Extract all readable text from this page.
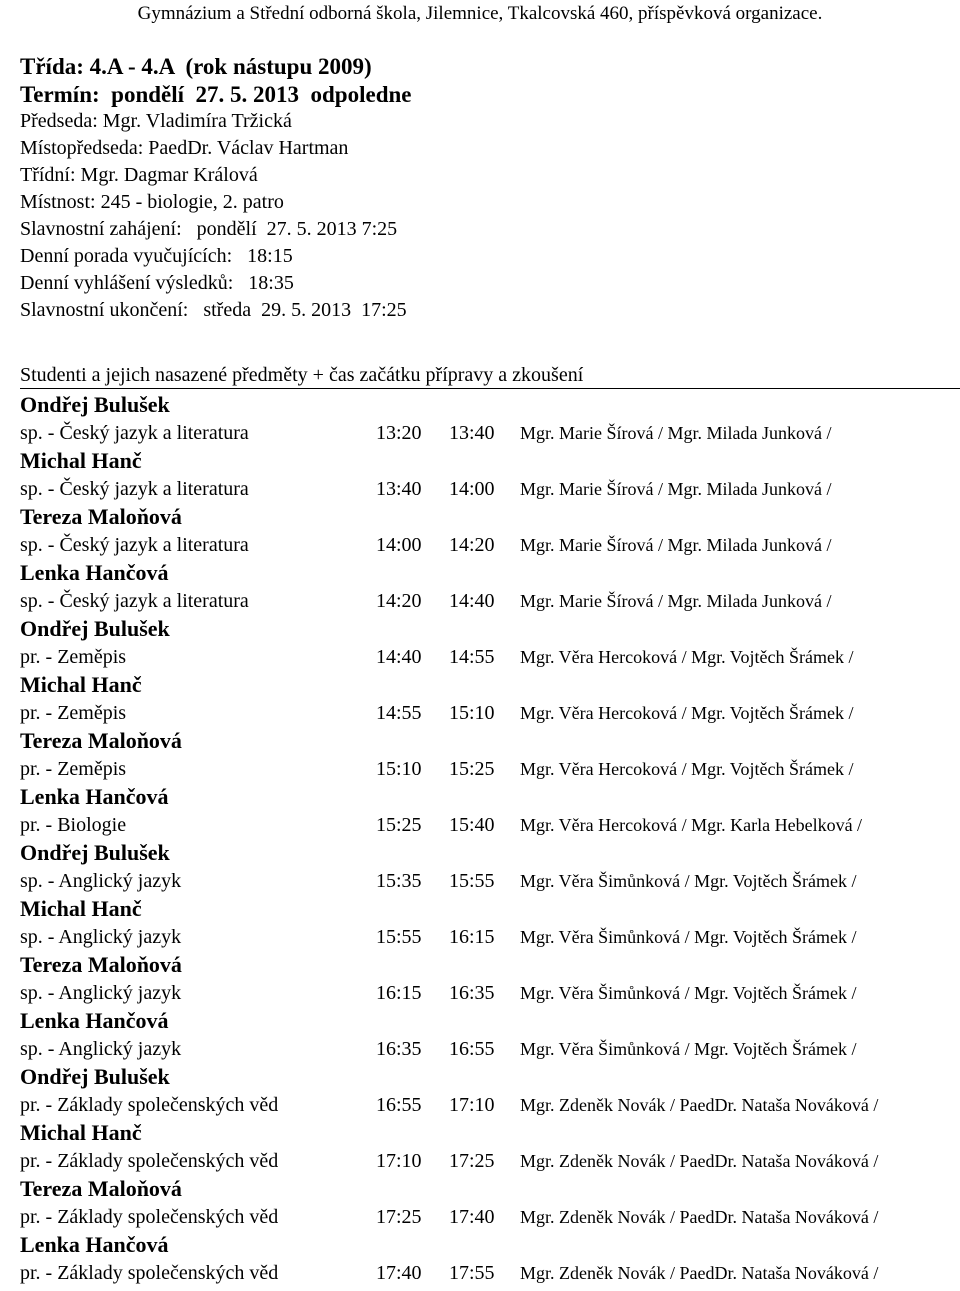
Gymnázium a Střední odborná škola, Jilemnice, Tkalcovská 460, příspěvková organizace.
Třída: 4.A - 4.A  (rok nástupu 2009)
Termín:  pondělí  27. 5. 2013  odpoledne
Předseda: Mgr. Vladimíra Tržická
Místopředseda: PaedDr. Václav Hartman
Třídní: Mgr. Dagmar Králová
Místnost: 245 - biologie, 2. patro
Slavnostní zahájení:   pondělí  27. 5. 2013 7:25
Denní porada vyučujících:   18:15
Denní vyhlášení výsledků:   18:35
Slavnostní ukončení:   středa  29. 5. 2013  17:25
Studenti a jejich nasazené předměty + čas začátku přípravy a zkoušení
Ondřej Bulušek
sp. - Český jazyk a literatura	13:20 13:40 Mgr. Marie Šírová / Mgr. Milada Junková /
Michal Hanč
sp. - Český jazyk a literatura	13:40 14:00 Mgr. Marie Šírová / Mgr. Milada Junková /
Tereza Maloňová
sp. - Český jazyk a literatura	14:00 14:20 Mgr. Marie Šírová / Mgr. Milada Junková /
Lenka Hančová
sp. - Český jazyk a literatura	14:20 14:40 Mgr. Marie Šírová / Mgr. Milada Junková /
Ondřej Bulušek
pr. - Zeměpis	14:40 14:55 Mgr. Věra Hercoková / Mgr. Vojtěch Šrámek /
Michal Hanč
pr. - Zeměpis	14:55 15:10 Mgr. Věra Hercoková / Mgr. Vojtěch Šrámek /
Tereza Maloňová
pr. - Zeměpis	15:10 15:25 Mgr. Věra Hercoková / Mgr. Vojtěch Šrámek /
Lenka Hančová
pr. - Biologie	15:25 15:40 Mgr. Věra Hercoková / Mgr. Karla Hebelková /
Ondřej Bulušek
sp. - Anglický jazyk	15:35 15:55 Mgr. Věra Šimůnková / Mgr. Vojtěch Šrámek /
Michal Hanč
sp. - Anglický jazyk	15:55 16:15 Mgr. Věra Šimůnková / Mgr. Vojtěch Šrámek /
Tereza Maloňová
sp. - Anglický jazyk	16:15 16:35 Mgr. Věra Šimůnková / Mgr. Vojtěch Šrámek /
Lenka Hančová
sp. - Anglický jazyk	16:35 16:55 Mgr. Věra Šimůnková / Mgr. Vojtěch Šrámek /
Ondřej Bulušek
pr. - Základy společenských věd	16:55 17:10 Mgr. Zdeněk Novák / PaedDr. Nataša Nováková /
Michal Hanč
pr. - Základy společenských věd	17:10 17:25 Mgr. Zdeněk Novák / PaedDr. Nataša Nováková /
Tereza Maloňová
pr. - Základy společenských věd	17:25 17:40 Mgr. Zdeněk Novák / PaedDr. Nataša Nováková /
Lenka Hančová
pr. - Základy společenských věd	17:40 17:55 Mgr. Zdeněk Novák / PaedDr. Nataša Nováková /
